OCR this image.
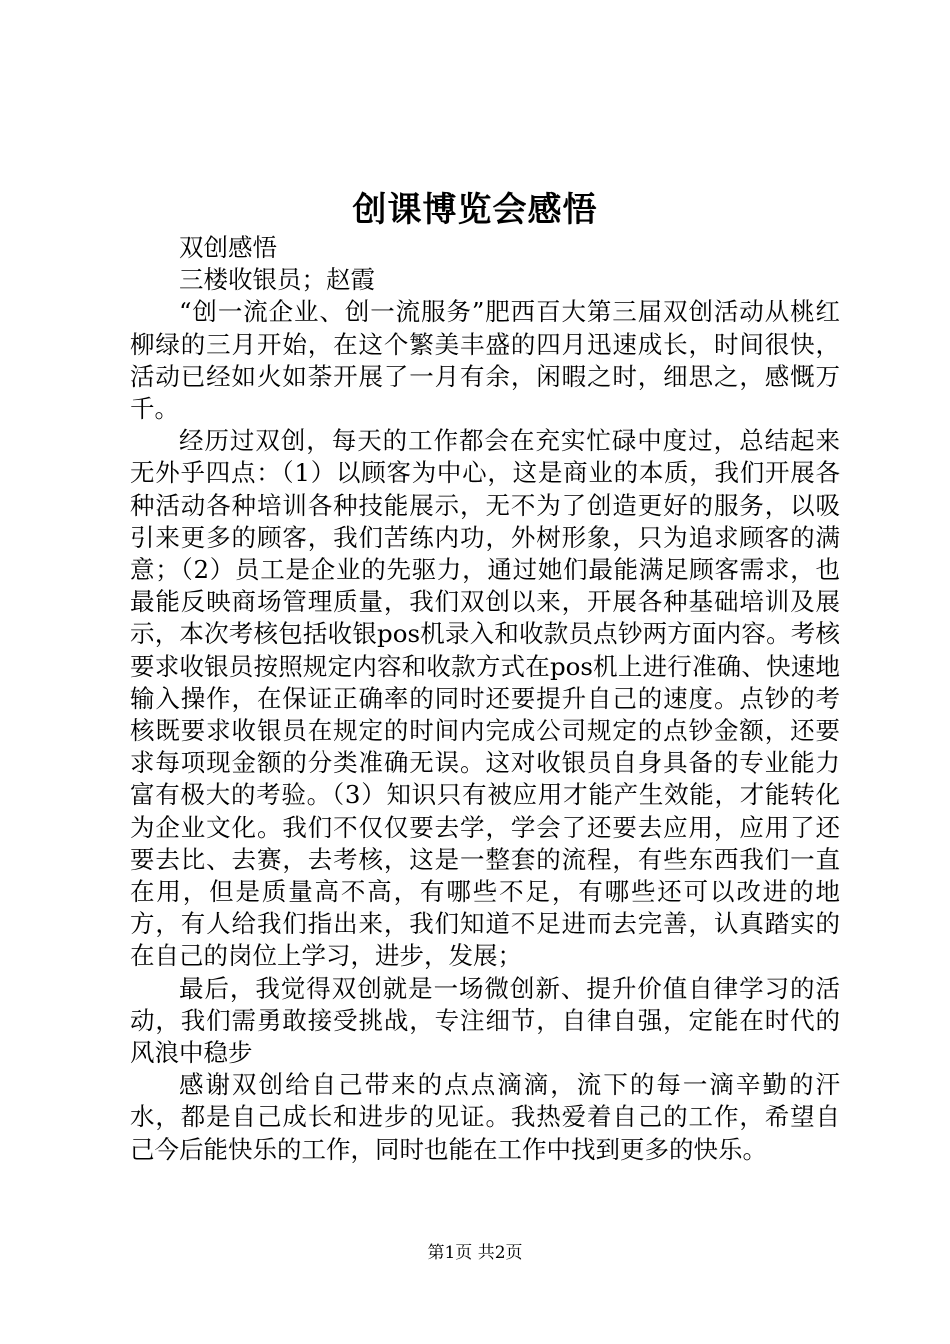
创课博览会感悟

双创感悟

三楼收银员；赵霞

“创一流企业、创一流服务”肥西百大第三届双创活动从桃红柳绿的三月开始，在这个繁美丰盛的四月迅速成长，时间很快，活动已经如火如荼开展了一月有余，闲暇之时，细思之，感慨万千。

经历过双创，每天的工作都会在充实忙碌中度过，总结起来无外乎四点：（1）以顾客为中心，这是商业的本质，我们开展各种活动各种培训各种技能展示，无不为了创造更好的服务，以吸引来更多的顾客，我们苦练内功，外树形象，只为追求顾客的满意；（2）员工是企业的先驱力，通过她们最能满足顾客需求，也最能反映商场管理质量，我们双创以来，开展各种基础培训及展示，本次考核包括收银pos机录入和收款员点钞两方面内容。考核要求收银员按照规定内容和收款方式在pos机上进行准确、快速地输入操作，在保证正确率的同时还要提升自己的速度。点钞的考核既要求收银员在规定的时间内完成公司规定的点钞金额，还要求每项现金额的分类准确无误。这对收银员自身具备的专业能力富有极大的考验。（3）知识只有被应用才能产生效能，才能转化为企业文化。我们不仅仅要去学，学会了还要去应用，应用了还要去比、去赛，去考核，这是一整套的流程，有些东西我们一直在用，但是质量高不高，有哪些不足，有哪些还可以改进的地方，有人给我们指出来，我们知道不足进而去完善，认真踏实的在自己的岗位上学习，进步，发展；

最后，我觉得双创就是一场微创新、提升价值自律学习的活动，我们需勇敢接受挑战，专注细节，自律自强，定能在时代的风浪中稳步

感谢双创给自己带来的点点滴滴，流下的每一滴辛勤的汗水，都是自己成长和进步的见证。我热爱着自己的工作，希望自己今后能快乐的工作，同时也能在工作中找到更多的快乐。

第1页 共2页
